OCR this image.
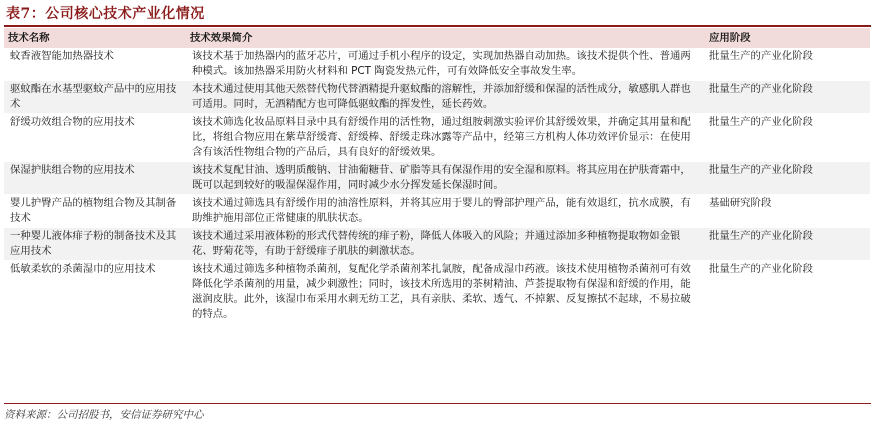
表7：公司核心技术产业化情况
技术名称	技术效果简介	应用阶段
蚊香液智能加热器技术	该技术基于加热器内的蓝牙芯片，可通过手机小程序的设定，实现加热器自动加热。该技术提供个性、普通两种模式。该加热器采用防火材料和 PCT 陶瓷发热元件，可有效降低安全事故发生率。	批量生产的产业化阶段
驱蚊酯在水基型驱蚊产品中的应用技术	本技术通过使用其他天然替代物代替酒精提升驱蚊酯的溶解性，并添加舒缓和保湿的活性成分，敏感肌人群也可适用。同时，无酒精配方也可降低驱蚊酯的挥发性，延长药效。	批量生产的产业化阶段
舒缓功效组合物的应用技术	该技术筛选化妆品原料目录中具有舒缓作用的活性物，通过组胺刺激实验评价其舒缓效果，并确定其用量和配比，将组合物应用在紫草舒缓膏、舒缓棒、舒缓走珠冰露等产品中，经第三方机构人体功效评价显示：在使用含有该活性物组合物的产品后，具有良好的舒缓效果。	批量生产的产业化阶段
保湿护肤组合物的应用技术	该技术复配甘油、透明质酸钠、甘油葡糖苷、矿脂等具有保湿作用的安全湿和原料。将其应用在护肤膏霜中，既可以起到较好的吸湿保湿作用，同时减少水分挥发延长保湿时间。	批量生产的产业化阶段
婴儿护臀产品的植物组合物及其制备技术	该技术通过筛选具有舒缓作用的油溶性原料，并将其应用于婴儿的臀部护理产品，能有效退红，抗水成膜，有助维护施用部位正常健康的肌肤状态。	基础研究阶段
一种婴儿液体痱子粉的制备技术及其应用技术	该技术通过采用液体粉的形式代替传统的痱子粉，降低人体吸入的风险；并通过添加多种植物提取物如金银花、野菊花等，有助于舒缓痱子肌肤的刺激状态。	批量生产的产业化阶段
低敏柔软的杀菌湿巾的应用技术	该技术通过筛选多种植物杀菌剂，复配化学杀菌剂苯扎氯胺，配备成湿巾药液。该技术使用植物杀菌剂可有效降低化学杀菌剂的用量，减少刺激性；同时，该技术所选用的茶树精油、芦荟提取物有保湿和舒缓的作用，能滋润皮肤。此外，该湿巾布采用水刺无纺工艺，具有亲肤、柔软、透气、不掉絮、反复擦拭不起球，不易拉破的特点。	批量生产的产业化阶段
资料来源：公司招股书，安信证券研究中心
